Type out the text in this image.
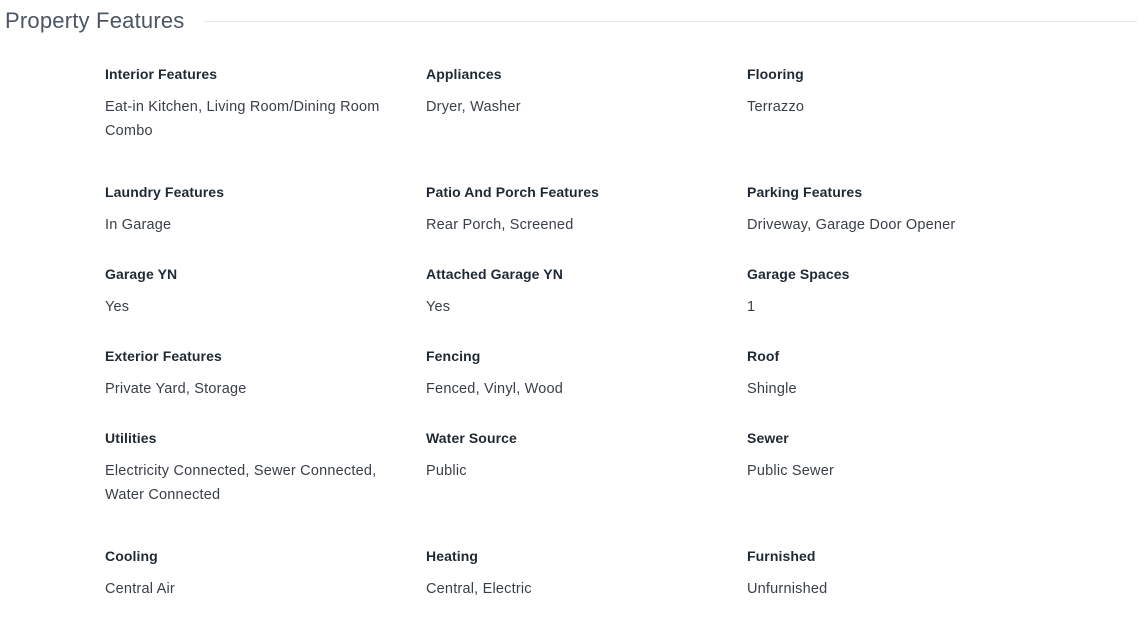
Property Features
Interior Features
Eat-in Kitchen, Living Room/Dining Room Combo
Appliances
Dryer, Washer
Flooring
Terrazzo
Laundry Features
In Garage
Patio And Porch Features
Rear Porch, Screened
Parking Features
Driveway, Garage Door Opener
Garage YN
Yes
Attached Garage YN
Yes
Garage Spaces
1
Exterior Features
Private Yard, Storage
Fencing
Fenced, Vinyl, Wood
Roof
Shingle
Utilities
Electricity Connected, Sewer Connected, Water Connected
Water Source
Public
Sewer
Public Sewer
Cooling
Central Air
Heating
Central, Electric
Furnished
Unfurnished
